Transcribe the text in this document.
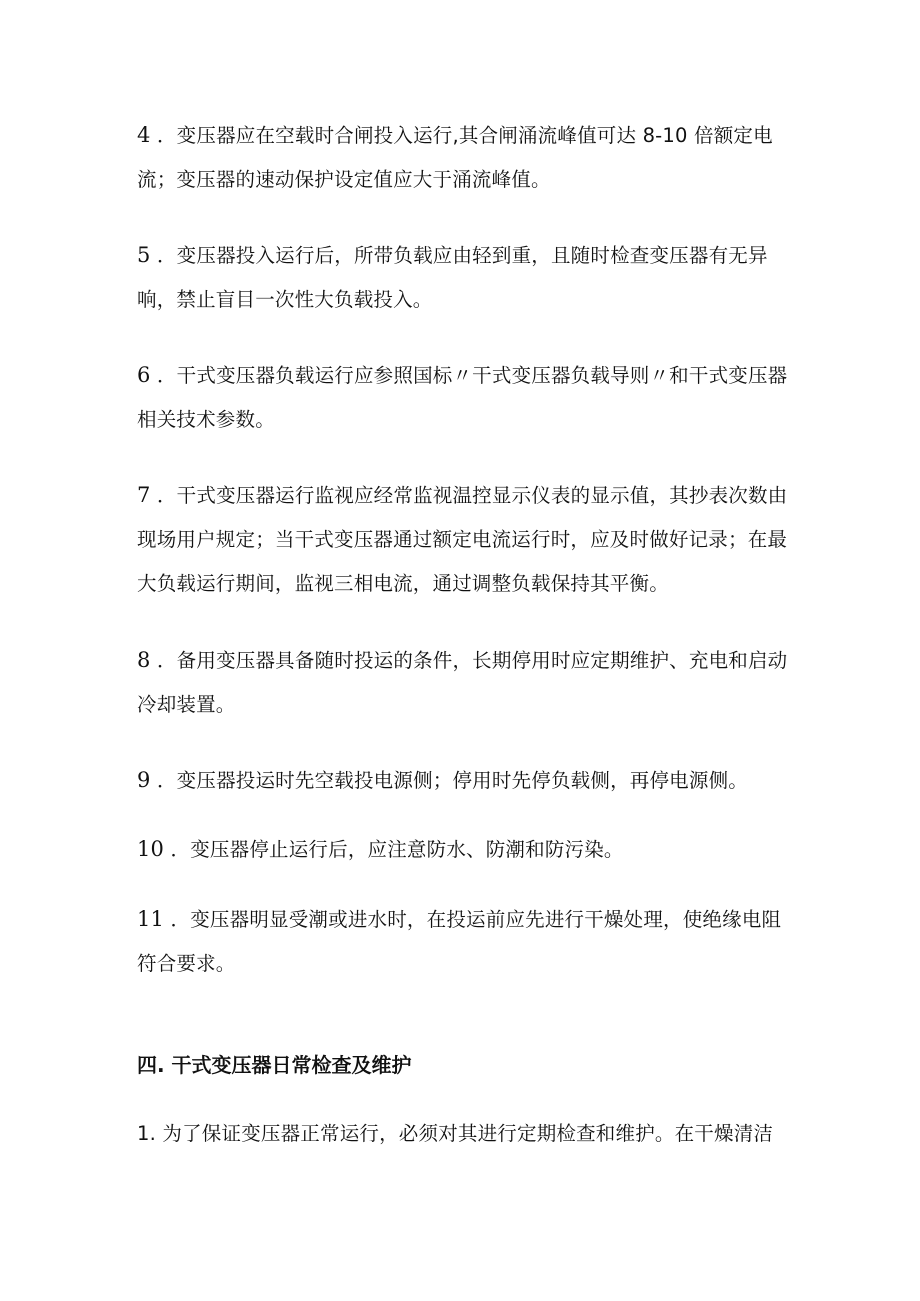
4 ．变压器应在空载时合闸投入运行,其合闸涌流峰值可达 8-10 倍额定电流；变压器的速动保护设定值应大于涌流峰值。

5 ．变压器投入运行后，所带负载应由轻到重，且随时检查变压器有无异响，禁止盲目一次性大负载投入。

6 ．干式变压器负载运行应参照国标〃干式变压器负载导则〃和干式变压器相关技术参数。

7 ．干式变压器运行监视应经常监视温控显示仪表的显示值，其抄表次数由现场用户规定；当干式变压器通过额定电流运行时，应及时做好记录；在最大负载运行期间，监视三相电流，通过调整负载保持其平衡。

8 ．备用变压器具备随时投运的条件，长期停用时应定期维护、充电和启动冷却装置。

9 ．变压器投运时先空载投电源侧；停用时先停负载侧，再停电源侧。

10 ．变压器停止运行后，应注意防水、防潮和防污染。

11 ．变压器明显受潮或进水时，在投运前应先进行干燥处理，使绝缘电阻符合要求。

四. 干式变压器日常检查及维护

1. 为了保证变压器正常运行，必须对其进行定期检查和维护。在干燥清洁
